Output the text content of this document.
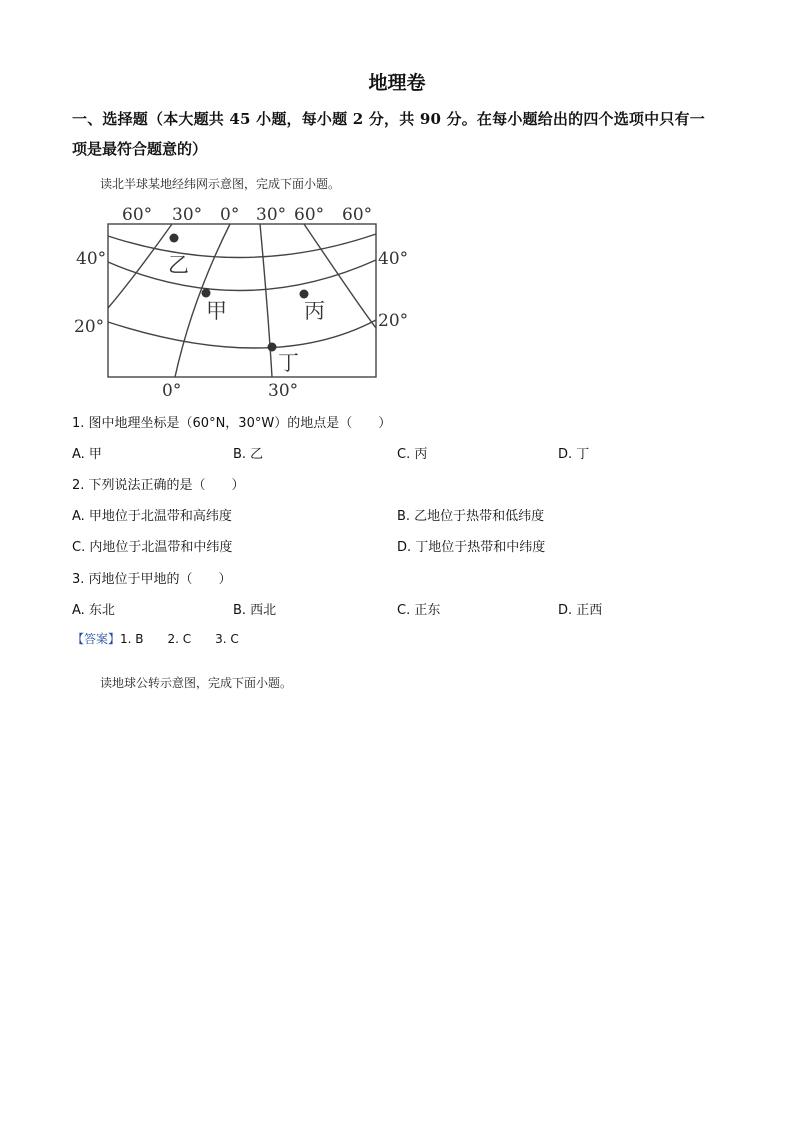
地理卷
一、选择题（本大题共 45 小题，每小题 2 分，共 90 分。在每小题给出的四个选项中只有一
项是最符合题意的）
读北半球某地经纬网示意图，完成下面小题。
60° 30° 0° 30° 60° 60°
40°
20°
40°
20°
0°	30°
乙
甲	丙
丁
1. 图中地理坐标是（60°N，30°W）的地点是（　　）
A. 甲	B. 乙	C. 丙	D. 丁
2. 下列说法正确的是（　　）
A. 甲地位于北温带和高纬度	B. 乙地位于热带和低纬度
C. 内地位于北温带和中纬度	D. 丁地位于热带和中纬度
3. 丙地位于甲地的（　　）
A. 东北	B. 西北	C. 正东	D. 正西
【答案】1. B　　2. C　　3. C
读地球公转示意图，完成下面小题。
